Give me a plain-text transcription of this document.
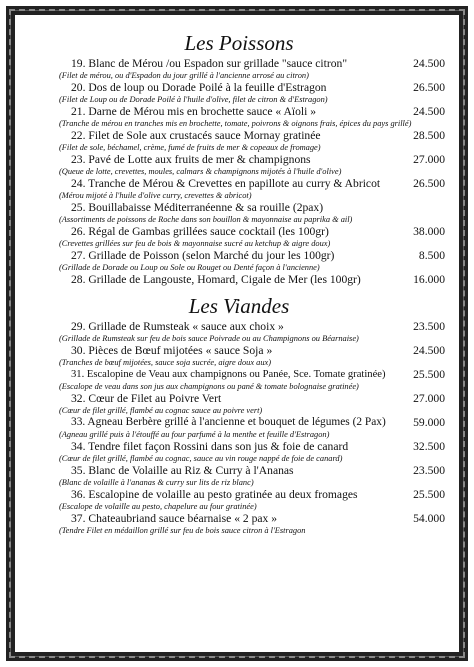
Les Poissons
19. Blanc de Mérou /ou Espadon sur grillade "sauce citron"	24.500
(Filet de mérou, ou d'Espadon du jour grillé à l'ancienne arrosé au citron)
20. Dos de loup ou Dorade Poilé à la feuille d'Estragon	26.500
(Filet de Loup ou de Dorade Poilé à l'huile d'olive, filet de citron & d'Estragon)
21. Darne de Mérou mis en brochette sauce « Aïoli »	24.500
(Tranche de mérou en tranches mis en brochette, tomate, poivrons & oignons frais, épices du pays grillé)
22. Filet de Sole aux crustacés sauce Mornay gratinée	28.500
(Filet de sole, béchamel, crème, fumé de fruits de mer & copeaux de fromage)
23. Pavé de Lotte aux fruits de mer & champignons	27.000
(Queue de lotte, crevettes, moules, calmars & champignons mijotés à l'huile d'olive)
24. Tranche de Mérou & Crevettes en papillote au curry & Abricot	26.500
(Mérou mijoté à l'huile d'olive curry, crevettes & abricot)
25. Bouillabaisse Méditerranéenne & sa rouille (2pax)
(Assortiments de poissons de Roche dans son bouillon & mayonnaise au paprika & ail)
26. Régal de Gambas grillées sauce cocktail (les 100gr)	38.000
(Crevettes grillées sur feu de bois & mayonnaise sucré au ketchup & aigre doux)
27. Grillade de Poisson (selon Marché du jour les 100gr)	8.500
(Grillade de Dorade ou Loup ou Sole ou Rouget ou Denté façon à l'ancienne)
28. Grillade de Langouste, Homard, Cigale de Mer (les 100gr)	16.000
Les Viandes
29. Grillade de Rumsteak « sauce aux choix »	23.500
(Grillade de Rumsteak sur feu de bois sauce Poivrade ou au Champignons ou Béarnaise)
30. Pièces de Bœuf mijotées « sauce Soja »	24.500
(Tranches de bœuf mijotées, sauce soja sucrée, aigre doux aux)
31. Escalopine de Veau aux champignons ou Panée, Sce. Tomate gratinée)	25.500
(Escalope de veau dans son jus aux champignons ou pané & tomate bolognaise gratinée)
32. Cœur de Filet au Poivre Vert	27.000
(Cœur de filet grillé, flambé au cognac sauce au poivre vert)
33. Agneau Berbère grillé à l'ancienne et bouquet de légumes (2 Pax)	59.000
(Agneau grillé puis à l'étouffé au four parfumé à la menthe et feuille d'Estragon)
34. Tendre filet façon Rossini dans son jus & foie de canard	32.500
(Cœur de filet grillé, flambé au cognac, sauce au vin rouge nappé de foie de canard)
35. Blanc de Volaille au Riz & Curry à l'Ananas	23.500
(Blanc de volaille à l'ananas & curry sur lits de riz blanc)
36. Escalopine de volaille au pesto gratinée au deux fromages	25.500
(Escalope de volaille au pesto, chapelure au four gratinée)
37. Chateaubriand sauce béarnaise « 2 pax »	54.000
(Tendre Filet en médaillon grillé sur feu de bois sauce citron à l'Estragon
